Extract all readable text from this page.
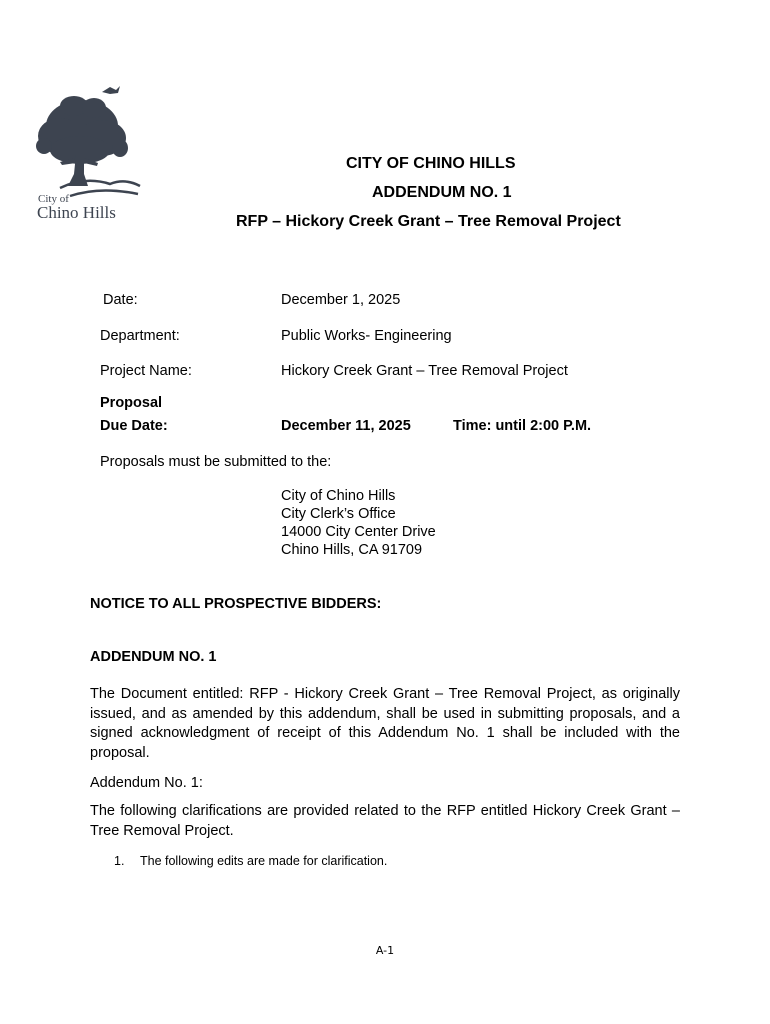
City of
Chino Hills
CITY OF CHINO HILLS
ADDENDUM NO. 1
RFP – Hickory Creek Grant – Tree Removal Project
Date:	December 1, 2025
Department:	Public Works- Engineering
Project Name:	Hickory Creek Grant – Tree Removal Project
Proposal
Due Date:	December 11, 2025	Time: until 2:00 P.M.
Proposals must be submitted to the:
City of Chino Hills
City Clerk’s Office
14000 City Center Drive
Chino Hills, CA 91709
NOTICE TO ALL PROSPECTIVE BIDDERS:
ADDENDUM NO. 1
The Document entitled: RFP - Hickory Creek Grant – Tree Removal Project, as originally issued, and as amended by this addendum, shall be used in submitting proposals, and a signed acknowledgment of receipt of this Addendum No. 1 shall be included with the proposal.
Addendum No. 1:
The following clarifications are provided related to the RFP entitled Hickory Creek Grant – Tree Removal Project.
1. The following edits are made for clarification.
A-1
